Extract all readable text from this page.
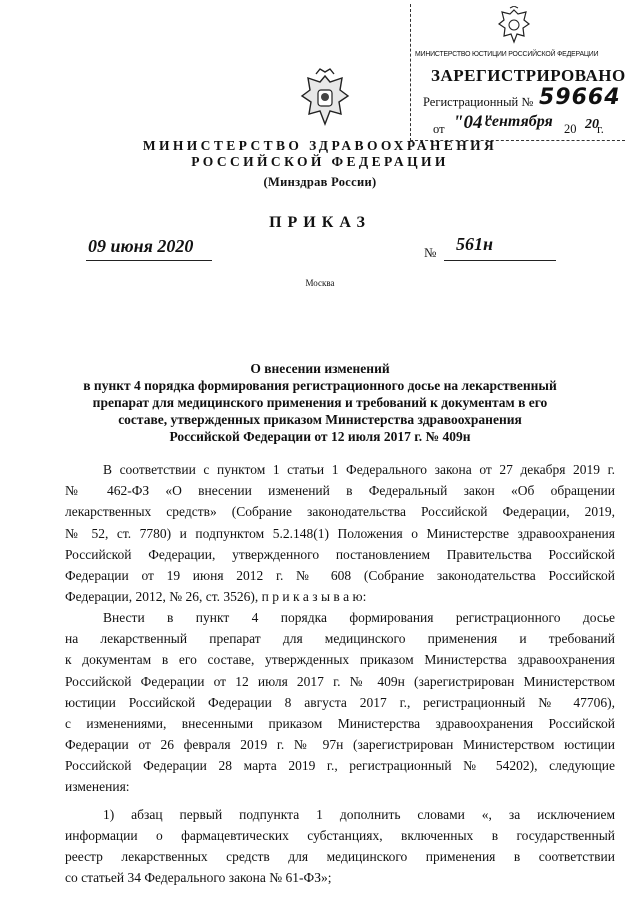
МИНИСТЕРСТВО ЮСТИЦИИ РОССИЙСКОЙ ФЕДЕРАЦИИ
ЗАРЕГИСТРИРОВАНО
Регистрационный № 59664
от "04"
сентября 20 20
г.
МИНИСТЕРСТВО ЗДРАВООХРАНЕНИЯ
РОССИЙСКОЙ ФЕДЕРАЦИИ
(Минздрав России)
ПРИКАЗ
09 июня 2020	№ 561н
Москва
О внесении изменений
в пункт 4 порядка формирования регистрационного досье на лекарственный
препарат для медицинского применения и требований к документам в его
составе, утвержденных приказом Министерства здравоохранения
Российской Федерации от 12 июля 2017 г. № 409н
В соответствии с пунктом 1 статьи 1 Федерального закона от 27 декабря 2019 г.
№ 462-ФЗ «О внесении изменений в Федеральный закон «Об обращении
лекарственных средств» (Собрание законодательства Российской Федерации, 2019,
№ 52, ст. 7780) и подпунктом 5.2.148(1) Положения о Министерстве здравоохранения
Российской Федерации, утвержденного постановлением Правительства Российской
Федерации от 19 июня 2012 г. № 608 (Собрание законодательства Российской
Федерации, 2012, № 26, ст. 3526), п р и к а з ы в а ю:
Внести в пункт 4 порядка формирования регистрационного досье
на лекарственный препарат для медицинского применения и требований
к документам в его составе, утвержденных приказом Министерства здравоохранения
Российской Федерации от 12 июля 2017 г. № 409н (зарегистрирован Министерством
юстиции Российской Федерации 8 августа 2017 г., регистрационный № 47706),
с изменениями, внесенными приказом Министерства здравоохранения Российской
Федерации от 26 февраля 2019 г. № 97н (зарегистрирован Министерством юстиции
Российской Федерации 28 марта 2019 г., регистрационный № 54202), следующие
изменения:
1) абзац первый подпункта 1 дополнить словами «, за исключением
информации о фармацевтических субстанциях, включенных в государственный
реестр лекарственных средств для медицинского применения в соответствии
со статьей 34 Федерального закона № 61-ФЗ»;
